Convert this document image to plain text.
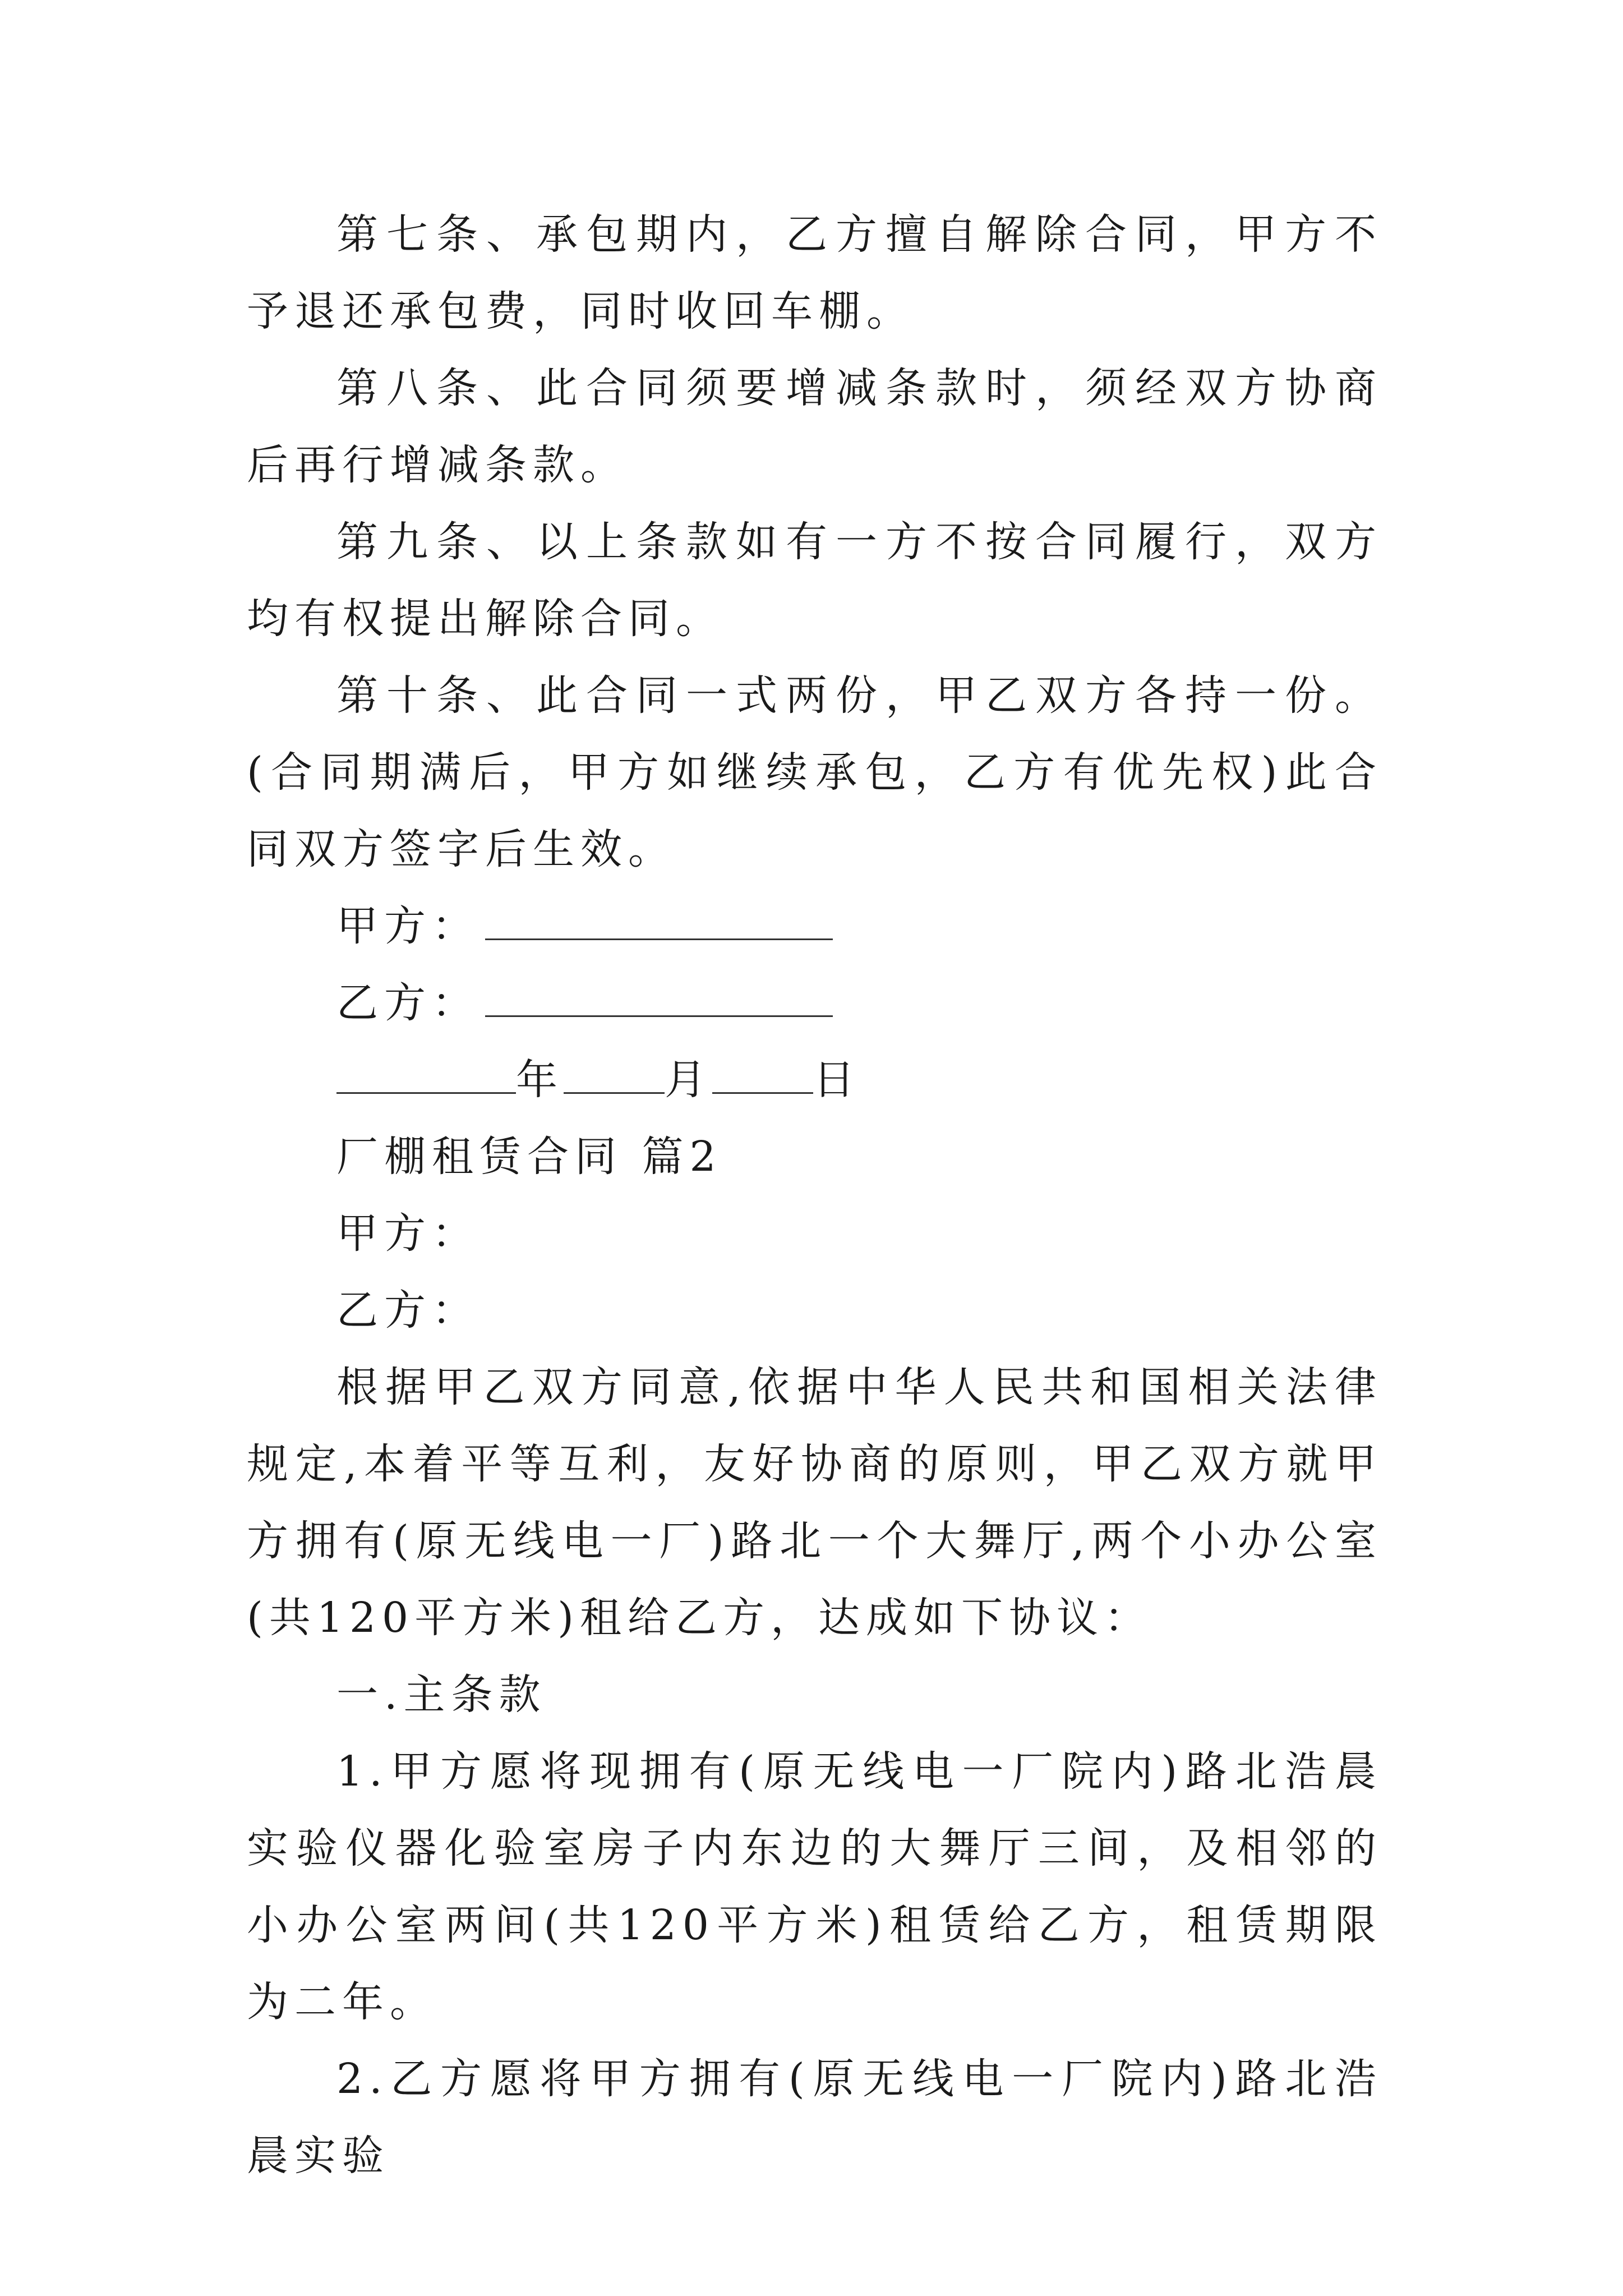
第七条、承包期内，乙方擅自解除合同，甲方不予退还承包费，同时收回车棚。

第八条、此合同须要增减条款时，须经双方协商后再行增减条款。

第九条、以上条款如有一方不按合同履行，双方均有权提出解除合同。

第十条、此合同一式两份，甲乙双方各持一份。(合同期满后，甲方如继续承包，乙方有优先权)此合同双方签字后生效。

甲方：
乙方：
年 月 日
厂棚租赁合同 篇2
甲方：
乙方：

根据甲乙双方同意,依据中华人民共和国相关法律规定,本着平等互利，友好协商的原则，甲乙双方就甲方拥有(原无线电一厂)路北一个大舞厅,两个小办公室(共120平方米)租给乙方，达成如下协议：

一.主条款

1.甲方愿将现拥有(原无线电一厂院内)路北浩晨实验仪器化验室房子内东边的大舞厅三间，及相邻的小办公室两间(共120平方米)租赁给乙方，租赁期限为二年。

2.乙方愿将甲方拥有(原无线电一厂院内)路北浩晨实验
